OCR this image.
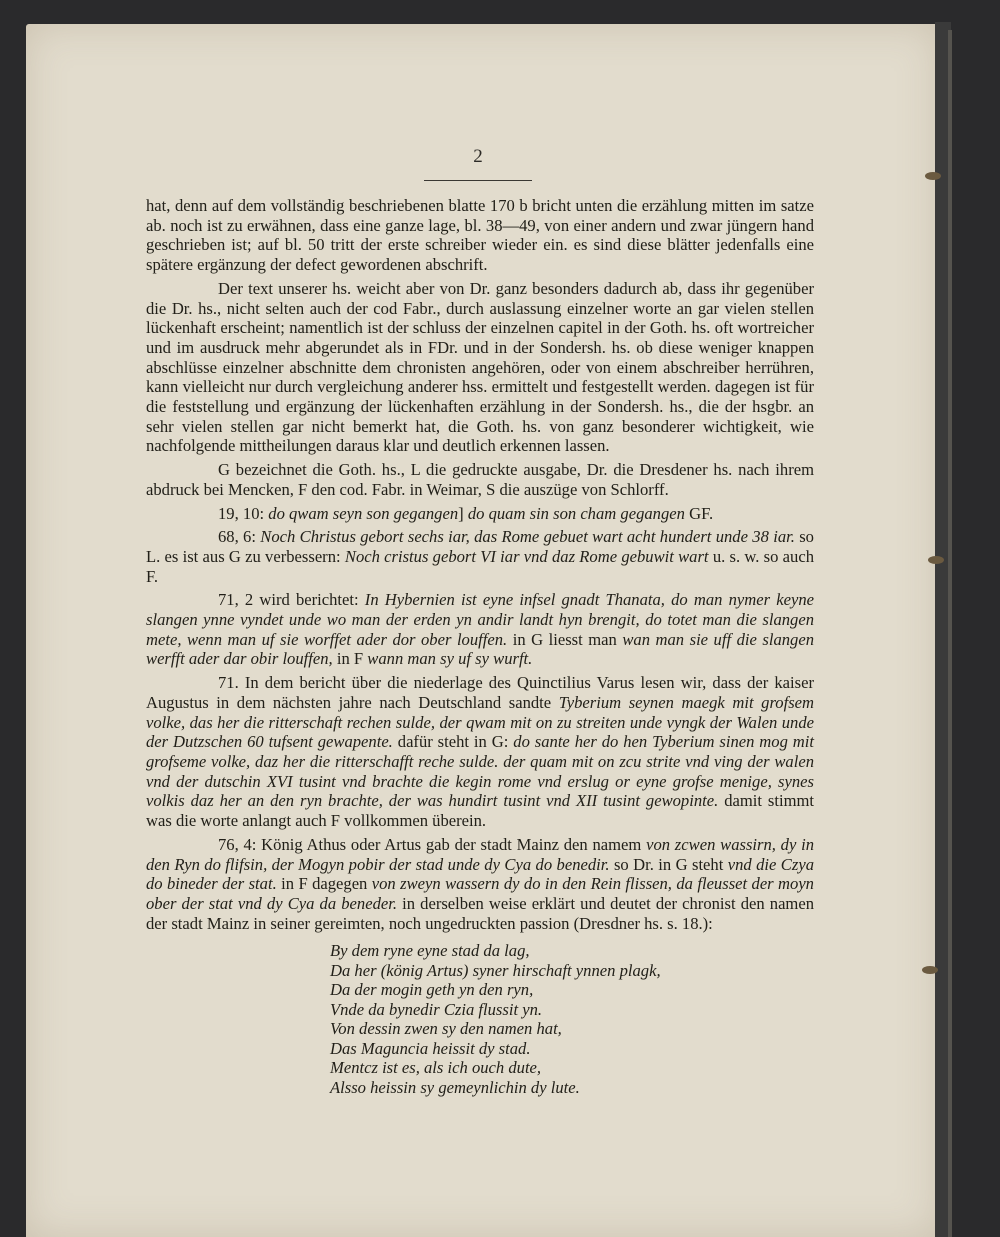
2

hat, denn auf dem vollständig beschriebenen blatte 170 b bricht unten die erzählung mitten im satze ab. noch ist zu erwähnen, dass eine ganze lage, bl. 38—49, von einer andern und zwar jüngern hand geschrieben ist; auf bl. 50 tritt der erste schreiber wieder ein. es sind diese blätter jedenfalls eine spätere ergänzung der defect gewordenen abschrift.

Der text unserer hs. weicht aber von Dr. ganz besonders dadurch ab, dass ihr gegenüber die Dr. hs., nicht selten auch der cod Fabr., durch auslassung einzelner worte an gar vielen stellen lückenhaft erscheint; namentlich ist der schluss der einzelnen capitel in der Goth. hs. oft wortreicher und im ausdruck mehr abgerundet als in FDr. und in der Sondersh. hs. ob diese weniger knappen abschlüsse einzelner abschnitte dem chronisten angehören, oder von einem abschreiber herrühren, kann vielleicht nur durch vergleichung anderer hss. ermittelt und festgestellt werden. dagegen ist für die feststellung und ergänzung der lückenhaften erzählung in der Sondersh. hs., die der hsgbr. an sehr vielen stellen gar nicht bemerkt hat, die Goth. hs. von ganz besonderer wichtigkeit, wie nachfolgende mittheilungen daraus klar und deutlich erkennen lassen.

G bezeichnet die Goth. hs., L die gedruckte ausgabe, Dr. die Dresdener hs. nach ihrem abdruck bei Mencken, F den cod. Fabr. in Weimar, S die auszüge von Schlorff.

19, 10: do qwam seyn son gegangen] do quam sin son cham gegangen GF.

68, 6: Noch Christus gebort sechs iar, das Rome gebuet wart acht hundert unde 38 iar. so L. es ist aus G zu verbessern: Noch cristus gebort VI iar vnd daz Rome gebuwit wart u. s. w. so auch F.

71, 2 wird berichtet: In Hybernien ist eyne infsel gnadt Thanata, do man nymer keyne slangen ynne vyndet unde wo man der erden yn andir landt hyn brengit, do totet man die slangen mete, wenn man uf sie worffet ader dor ober louffen. in G liesst man wan man sie uff die slangen werfft ader dar obir louffen, in F wann man sy uf sy wurft.

71. In dem bericht über die niederlage des Quinctilius Varus lesen wir, dass der kaiser Augustus in dem nächsten jahre nach Deutschland sandte Tyberium seynen maegk mit grofsem volke, das her die ritterschaft rechen sulde, der qwam mit on zu streiten unde vyngk der Walen unde der Dutzschen 60 tufsent gewapente. dafür steht in G: do sante her do hen Tyberium sinen mog mit grofseme volke, daz her die ritterschafft reche sulde. der quam mit on zcu strite vnd ving der walen vnd der dutschin XVI tusint vnd brachte die kegin rome vnd erslug or eyne grofse menige, synes volkis daz her an den ryn brachte, der was hundirt tusint vnd XII tusint gewopinte. damit stimmt was die worte anlangt auch F vollkommen überein.

76, 4: König Athus oder Artus gab der stadt Mainz den namem von zcwen wassirn, dy in den Ryn do flifsin, der Mogyn pobir der stad unde dy Cya do benedir. so Dr. in G steht vnd die Czya do bineder der stat. in F dagegen von zweyn wassern dy do in den Rein flissen, da fleusset der moyn ober der stat vnd dy Cya da beneder. in derselben weise erklärt und deutet der chronist den namen der stadt Mainz in seiner gereimten, noch ungedruckten passion (Dresdner hs. s. 18.):

By dem ryne eyne stad da lag,
Da her (könig Artus) syner hirschaft ynnen plagk,
Da der mogin geth yn den ryn,
Vnde da bynedir Czia flussit yn.
Von dessin zwen sy den namen hat,
Das Maguncia heissit dy stad.
Mentcz ist es, als ich ouch dute,
Alsso heissin sy gemeynlichin dy lute.
